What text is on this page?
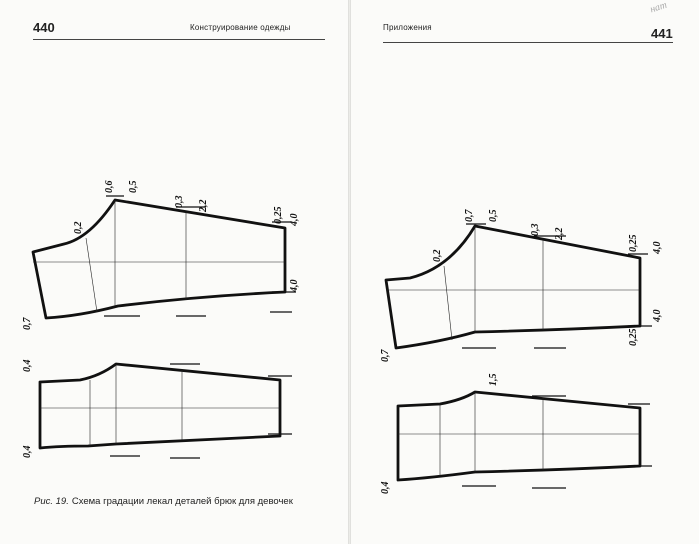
440	Конструирование одежды	Приложения	441
нат
Рис. 19. Схема градации лекал деталей брюк для девочек
0,7
0,6 0,5
0,2
0,3 2,2
0,25 4,0
4,0
0,4
0,4
0,7
0,7 0,5
0,2
0,3 2,2
0,25 4,0
4,0
0,25
0,4
1,5
